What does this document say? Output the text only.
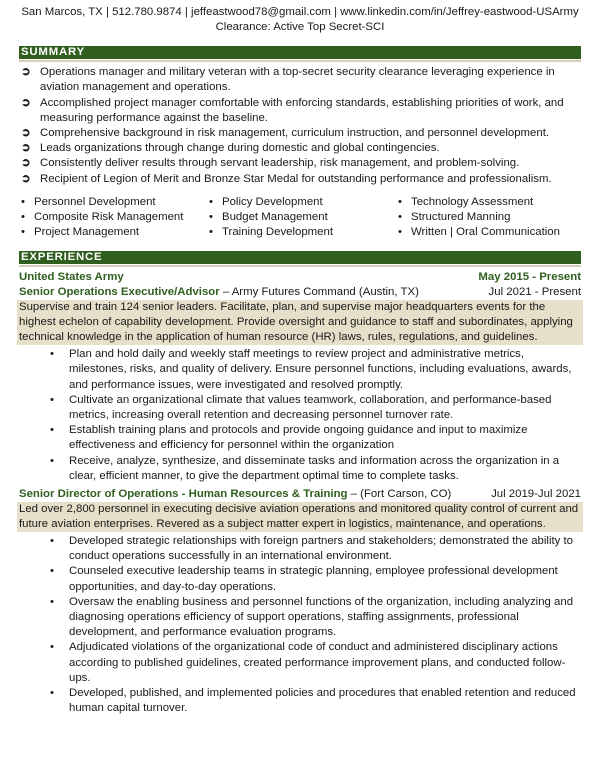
San Marcos, TX | 512.780.9874 | jeffeastwood78@gmail.com | www.linkedin.com/in/Jeffrey-eastwood-USArmy
Clearance: Active Top Secret-SCI
SUMMARY
➲ Operations manager and military veteran with a top-secret security clearance leveraging experience in aviation management and operations.
➲ Accomplished project manager comfortable with enforcing standards, establishing priorities of work, and measuring performance against the baseline.
➲ Comprehensive background in risk management, curriculum instruction, and personnel development.
➲ Leads organizations through change during domestic and global contingencies.
➲ Consistently deliver results through servant leadership, risk management, and problem-solving.
➲ Recipient of Legion of Merit and Bronze Star Medal for outstanding performance and professionalism.
• Personnel Development
• Composite Risk Management
• Project Management
• Policy Development
• Budget Management
• Training Development
• Technology Assessment
• Structured Manning
• Written | Oral Communication
EXPERIENCE
United States Army	May 2015 - Present
Senior Operations Executive/Advisor – Army Futures Command (Austin, TX)	Jul 2021 - Present
Supervise and train 124 senior leaders. Facilitate, plan, and supervise major headquarters events for the highest echelon of capability development. Provide oversight and guidance to staff and subordinates, applying technical knowledge in the application of human resource (HR) laws, rules, regulations, and guidelines.
• Plan and hold daily and weekly staff meetings to review project and administrative metrics, milestones, risks, and quality of delivery. Ensure personnel functions, including evaluations, awards, and performance issues, were investigated and resolved promptly.
• Cultivate an organizational climate that values teamwork, collaboration, and performance-based metrics, increasing overall retention and decreasing personnel turnover rate.
• Establish training plans and protocols and provide ongoing guidance and input to maximize effectiveness and efficiency for personnel within the organization
• Receive, analyze, synthesize, and disseminate tasks and information across the organization in a clear, efficient manner, to give the department optimal time to complete tasks.
Senior Director of Operations - Human Resources & Training – (Fort Carson, CO)	Jul 2019-Jul 2021
Led over 2,800 personnel in executing decisive aviation operations and monitored quality control of current and future aviation enterprises. Revered as a subject matter expert in logistics, maintenance, and operations.
• Developed strategic relationships with foreign partners and stakeholders; demonstrated the ability to conduct operations successfully in an international environment.
• Counseled executive leadership teams in strategic planning, employee professional development opportunities, and day-to-day operations.
• Oversaw the enabling business and personnel functions of the organization, including analyzing and diagnosing operations efficiency of support operations, staffing assignments, professional development, and performance evaluation programs.
• Adjudicated violations of the organizational code of conduct and administered disciplinary actions according to published guidelines, created performance improvement plans, and conducted follow-ups.
• Developed, published, and implemented policies and procedures that enabled retention and reduced human capital turnover.
